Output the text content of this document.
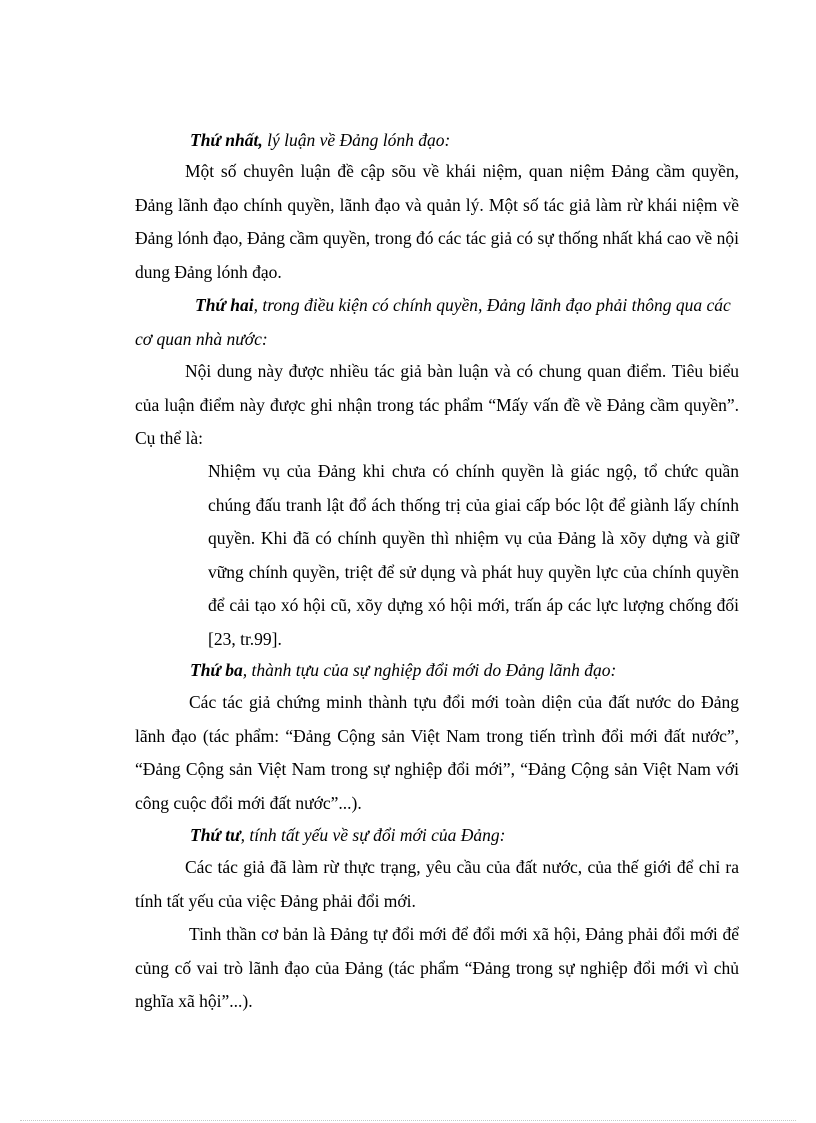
Thứ nhất, lý luận về Đảng lónh đạo:

Một số chuyên luận đề cập sõu về khái niệm, quan niệm Đảng cầm quyền, Đảng lãnh đạo chính quyền, lãnh đạo và quản lý. Một số tác giả làm rừ khái niệm về Đảng lónh đạo, Đảng cầm quyền, trong đó các tác giả có sự thống nhất khá cao về nội dung Đảng lónh đạo.

Thứ hai, trong điều kiện có chính quyền, Đảng lãnh đạo phải thông qua các cơ quan nhà nước:

Nội dung này được nhiều tác giả bàn luận và có chung quan điểm. Tiêu biểu của luận điểm này được ghi nhận trong tác phẩm “Mấy vấn đề về Đảng cầm quyền”. Cụ thể là:

Nhiệm vụ của Đảng khi chưa có chính quyền là giác ngộ, tổ chức quần chúng đấu tranh lật đổ ách thống trị của giai cấp bóc lột để giành lấy chính quyền. Khi đã có chính quyền thì nhiệm vụ của Đảng là xõy dựng và giữ vững chính quyền, triệt để sử dụng và phát huy quyền lực của chính quyền để cải tạo xó hội cũ, xõy dựng xó hội mới, trấn áp các lực lượng chống đối [23, tr.99].

Thứ ba, thành tựu của sự nghiệp đổi mới do Đảng lãnh đạo:

Các tác giả chứng minh thành tựu đổi mới toàn diện của đất nước do Đảng lãnh đạo (tác phẩm: “Đảng Cộng sản Việt Nam trong tiến trình đổi mới đất nước”, “Đảng Cộng sản Việt Nam trong sự nghiệp đổi mới”, “Đảng Cộng sản Việt Nam với công cuộc đổi mới đất nước”...).

Thứ tư, tính tất yếu về sự đổi mới của Đảng:

Các tác giả đã làm rừ thực trạng, yêu cầu của đất nước, của thế giới để chỉ ra tính tất yếu của việc Đảng phải đổi mới.

Tinh thần cơ bản là Đảng tự đổi mới để đổi mới xã hội, Đảng phải đổi mới để củng cố vai trò lãnh đạo của Đảng (tác phẩm “Đảng trong sự nghiệp đổi mới vì chủ nghĩa xã hội”...).
